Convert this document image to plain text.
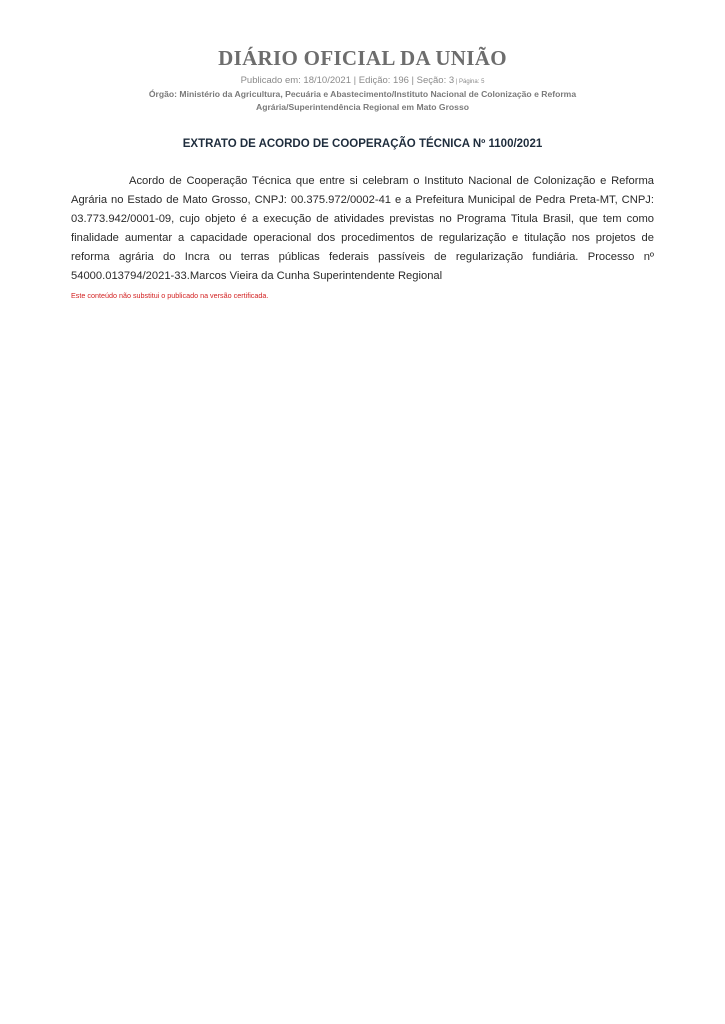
DIÁRIO OFICIAL DA UNIÃO
Publicado em: 18/10/2021 | Edição: 196 | Seção: 3 | Página: 5
Órgão: Ministério da Agricultura, Pecuária e Abastecimento/Instituto Nacional de Colonização e Reforma Agrária/Superintendência Regional em Mato Grosso
EXTRATO DE ACORDO DE COOPERAÇÃO TÉCNICA Nº 1100/2021

Acordo de Cooperação Técnica que entre si celebram o Instituto Nacional de Colonização e Reforma Agrária no Estado de Mato Grosso, CNPJ: 00.375.972/0002-41 e a Prefeitura Municipal de Pedra Preta-MT, CNPJ: 03.773.942/0001-09, cujo objeto é a execução de atividades previstas no Programa Titula Brasil, que tem como finalidade aumentar a capacidade operacional dos procedimentos de regularização e titulação nos projetos de reforma agrária do Incra ou terras públicas federais passíveis de regularização fundiária. Processo nº 54000.013794/2021-33.Marcos Vieira da Cunha Superintendente Regional

Este conteúdo não substitui o publicado na versão certificada.
